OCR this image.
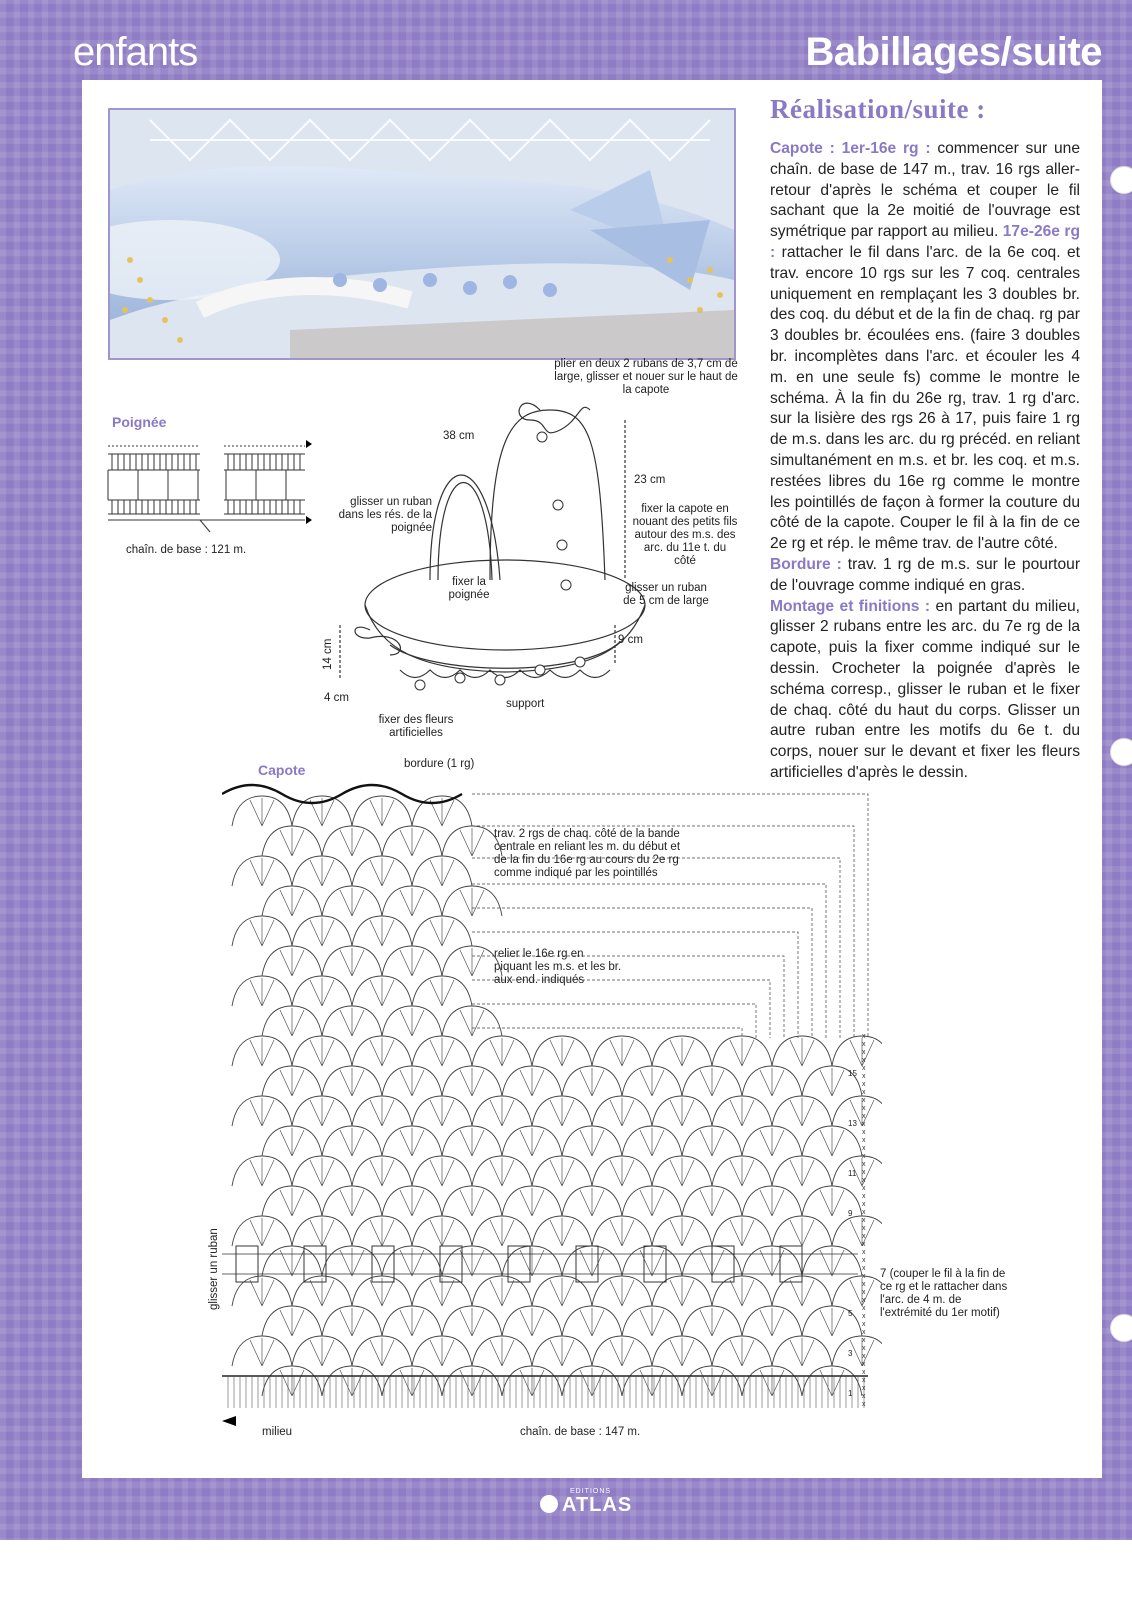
enfants	Babillages/suite
Réalisation/suite :
Capote : 1er-16e rg : commencer sur une chaîn. de base de 147 m., trav. 16 rgs aller-retour d'après le schéma et couper le fil sachant que la 2e moitié de l'ouvrage est symétrique par rapport au milieu. 17e-26e rg : rattacher le fil dans l'arc. de la 6e coq. et trav. encore 10 rgs sur les 7 coq. centrales uniquement en remplaçant les 3 doubles br. des coq. du début et de la fin de chaq. rg par 3 doubles br. écoulées ens. (faire 3 doubles br. incomplètes dans l'arc. et écouler les 4 m. en une seule fs) comme le montre le schéma. À la fin du 26e rg, trav. 1 rg d'arc. sur la lisière des rgs 26 à 17, puis faire 1 rg de m.s. dans les arc. du rg précéd. en reliant simultanément en m.s. et br. les coq. et m.s. restées libres du 16e rg comme le montre les pointillés de façon à former la couture du côté de la capote. Couper le fil à la fin de ce 2e rg et rép. le même trav. de l'autre côté.
Bordure : trav. 1 rg de m.s. sur le pourtour de l'ouvrage comme indiqué en gras.
Montage et finitions : en partant du milieu, glisser 2 rubans entre les arc. du 7e rg de la capote, puis la fixer comme indiqué sur le dessin. Crocheter la poignée d'après le schéma corresp., glisser le ruban et le fixer de chaq. côté du haut du corps. Glisser un autre ruban entre les motifs du 6e t. du corps, nouer sur le devant et fixer les fleurs artificielles d'après le dessin.
Poignée
chaîn. de base : 121 m.
plier en deux 2 rubans de 3,7 cm de large, glisser et nouer sur le haut de la capote
38 cm
23 cm
glisser un ruban dans les rés. de la poignée
fixer la capote en nouant des petits fils autour des m.s. des arc. du 11e t. du côté
fixer la poignée
glisser un ruban de 5 cm de large
9 cm
14 cm
4 cm
fixer des fleurs artificielles
support
Capote	bordure (1 rg)
trav. 2 rgs de chaq. côté de la bande centrale en reliant les m. du début et de la fin du 16e rg au cours du 2e rg comme indiqué par les pointillés
relier le 16e rg en piquant les m.s. et les br. aux end. indiqués
7 (couper le fil à la fin de ce rg et le rattacher dans l'arc. de 4 m. de l'extrémité du 1er motif)
glisser un ruban
milieu	chaîn. de base : 147 m.
x
x
x
x
x
x
x
x
x
x
x
x
x
x
x
x
x
x
x
x
x
x
x
x
x
x
x
x
x
x
x
x
x
x
x
x
x
x
x
x
x
x
x
x
x
x
x
15
13
11
9
5
3
1
EDITIONS
ATLAS
